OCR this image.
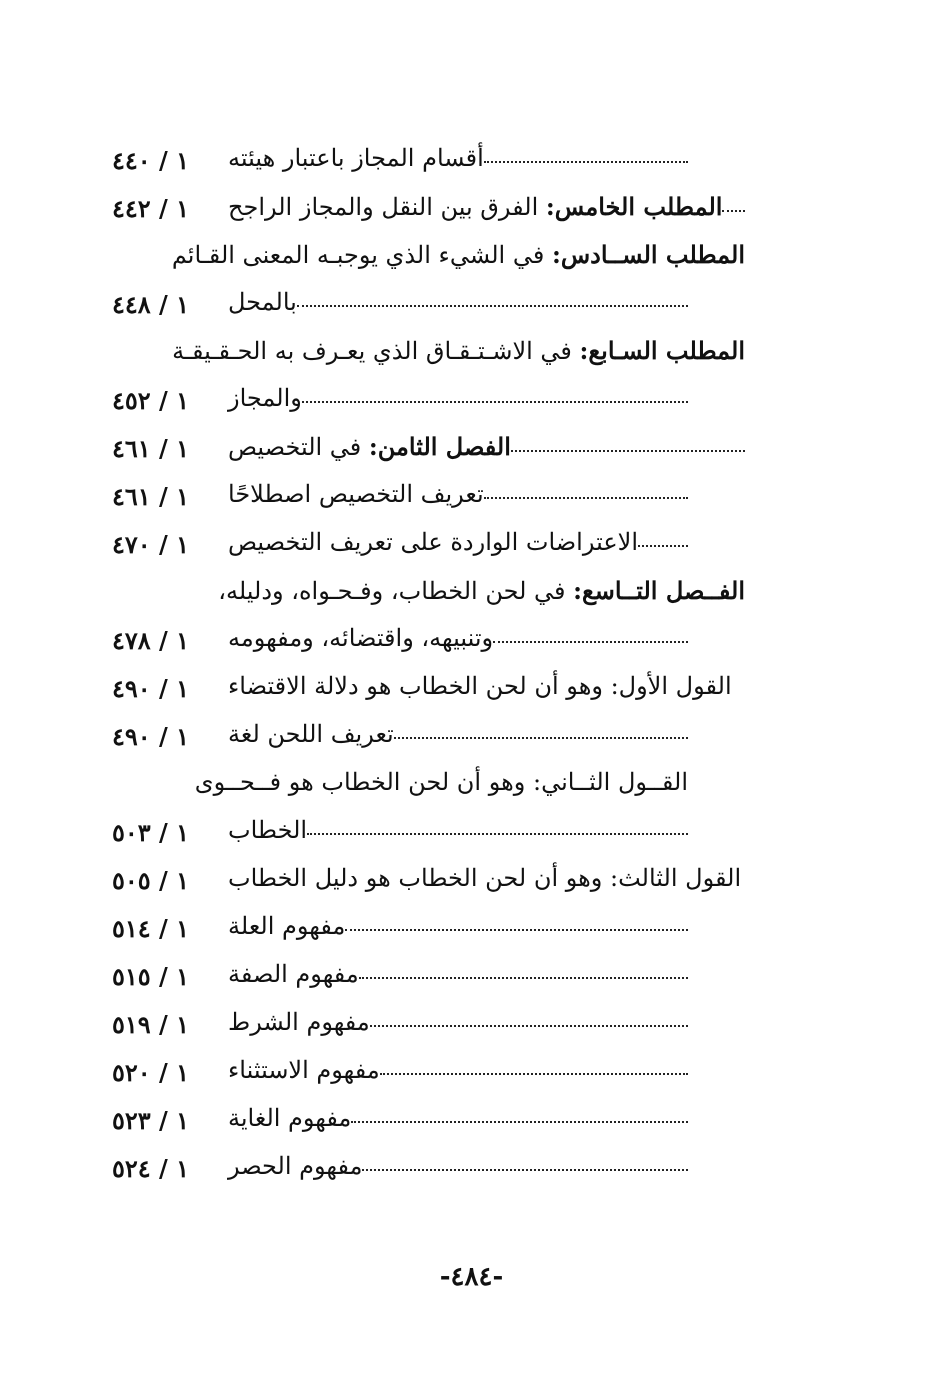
١ / ٤٤٠	أقسام المجاز باعتبار هيئته
١ / ٤٤٢	المطلب الخامس: الفرق بين النقل والمجاز الراجح
المطلب الســادس: في الشيء الذي يوجبـه المعنى القـائم
١ / ٤٤٨	بالمحل
المطلب السـابع: في الاشـتـقـاق الذي يعـرف به الحـقـيقـة
١ / ٤٥٢	والمجاز
١ / ٤٦١	الفصل الثامن: في التخصيص
١ / ٤٦١	تعريف التخصيص اصطلاحًا
١ / ٤٧٠	الاعتراضات الواردة على تعريف التخصيص
الفــصل التــاسع: في لحن الخطاب، وفـحـواه، ودليله،
١ / ٤٧٨	وتنبيهه، واقتضائه، ومفهومه
١ / ٤٩٠	القول الأول: وهو أن لحن الخطاب هو دلالة الاقتضاء
١ / ٤٩٠	تعريف اللحن لغة
القــول الثــاني: وهو أن لحن الخطاب هو فــحــوى
١ / ٥٠٣	الخطاب
١ / ٥٠٥	القول الثالث: وهو أن لحن الخطاب هو دليل الخطاب
١ / ٥١٤	مفهوم العلة
١ / ٥١٥	مفهوم الصفة
١ / ٥١٩	مفهوم الشرط
١ / ٥٢٠	مفهوم الاستثناء
١ / ٥٢٣	مفهوم الغاية
١ / ٥٢٤	مفهوم الحصر
-٤٨٤-
